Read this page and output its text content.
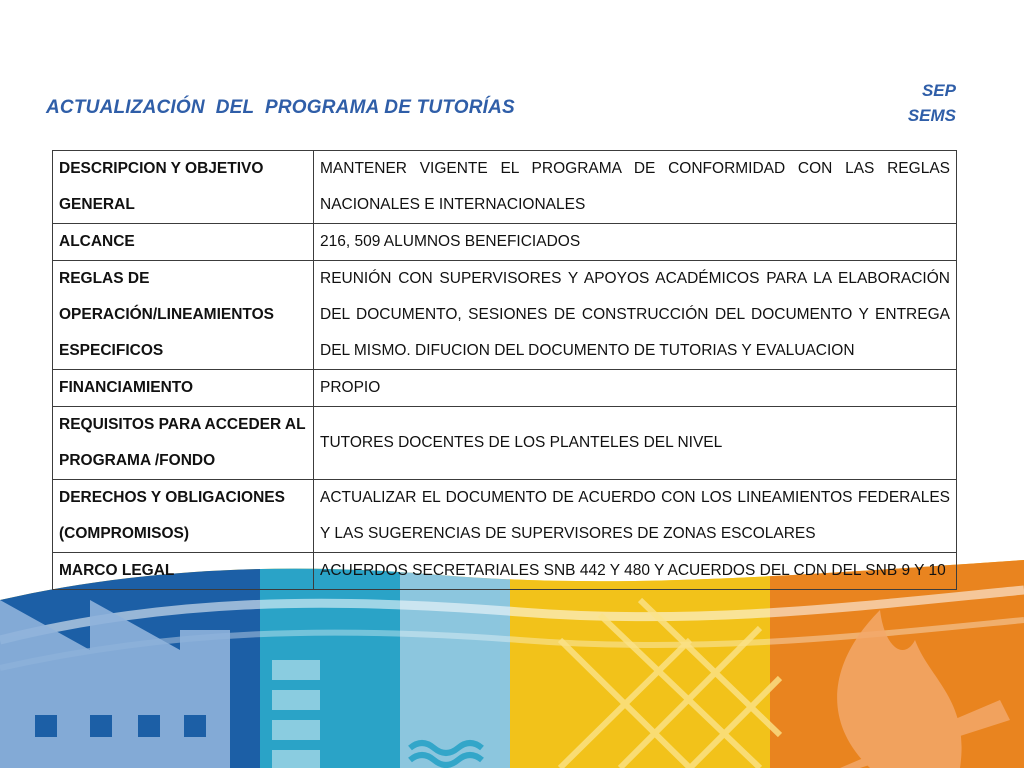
ACTUALIZACIÓN  DEL  PROGRAMA DE TUTORÍAS
SEP
SEMS
DESCRIPCION Y OBJETIVO GENERAL	MANTENER VIGENTE EL PROGRAMA DE CONFORMIDAD CON LAS REGLAS NACIONALES E INTERNACIONALES
ALCANCE	216, 509 ALUMNOS BENEFICIADOS
REGLAS DE OPERACIÓN/LINEAMIENTOS ESPECIFICOS	REUNIÓN CON SUPERVISORES Y APOYOS ACADÉMICOS PARA LA ELABORACIÓN DEL DOCUMENTO, SESIONES DE CONSTRUCCIÓN DEL DOCUMENTO Y ENTREGA DEL MISMO. DIFUCION DEL DOCUMENTO DE TUTORIAS Y EVALUACION
FINANCIAMIENTO	PROPIO
REQUISITOS PARA ACCEDER AL PROGRAMA /FONDO	TUTORES DOCENTES DE LOS PLANTELES DEL NIVEL
DERECHOS Y OBLIGACIONES (COMPROMISOS)	ACTUALIZAR EL DOCUMENTO DE ACUERDO CON LOS LINEAMIENTOS FEDERALES Y LAS SUGERENCIAS DE SUPERVISORES DE ZONAS ESCOLARES
MARCO LEGAL	ACUERDOS SECRETARIALES SNB 442 Y 480 Y ACUERDOS DEL CDN DEL SNB 9 Y 10
